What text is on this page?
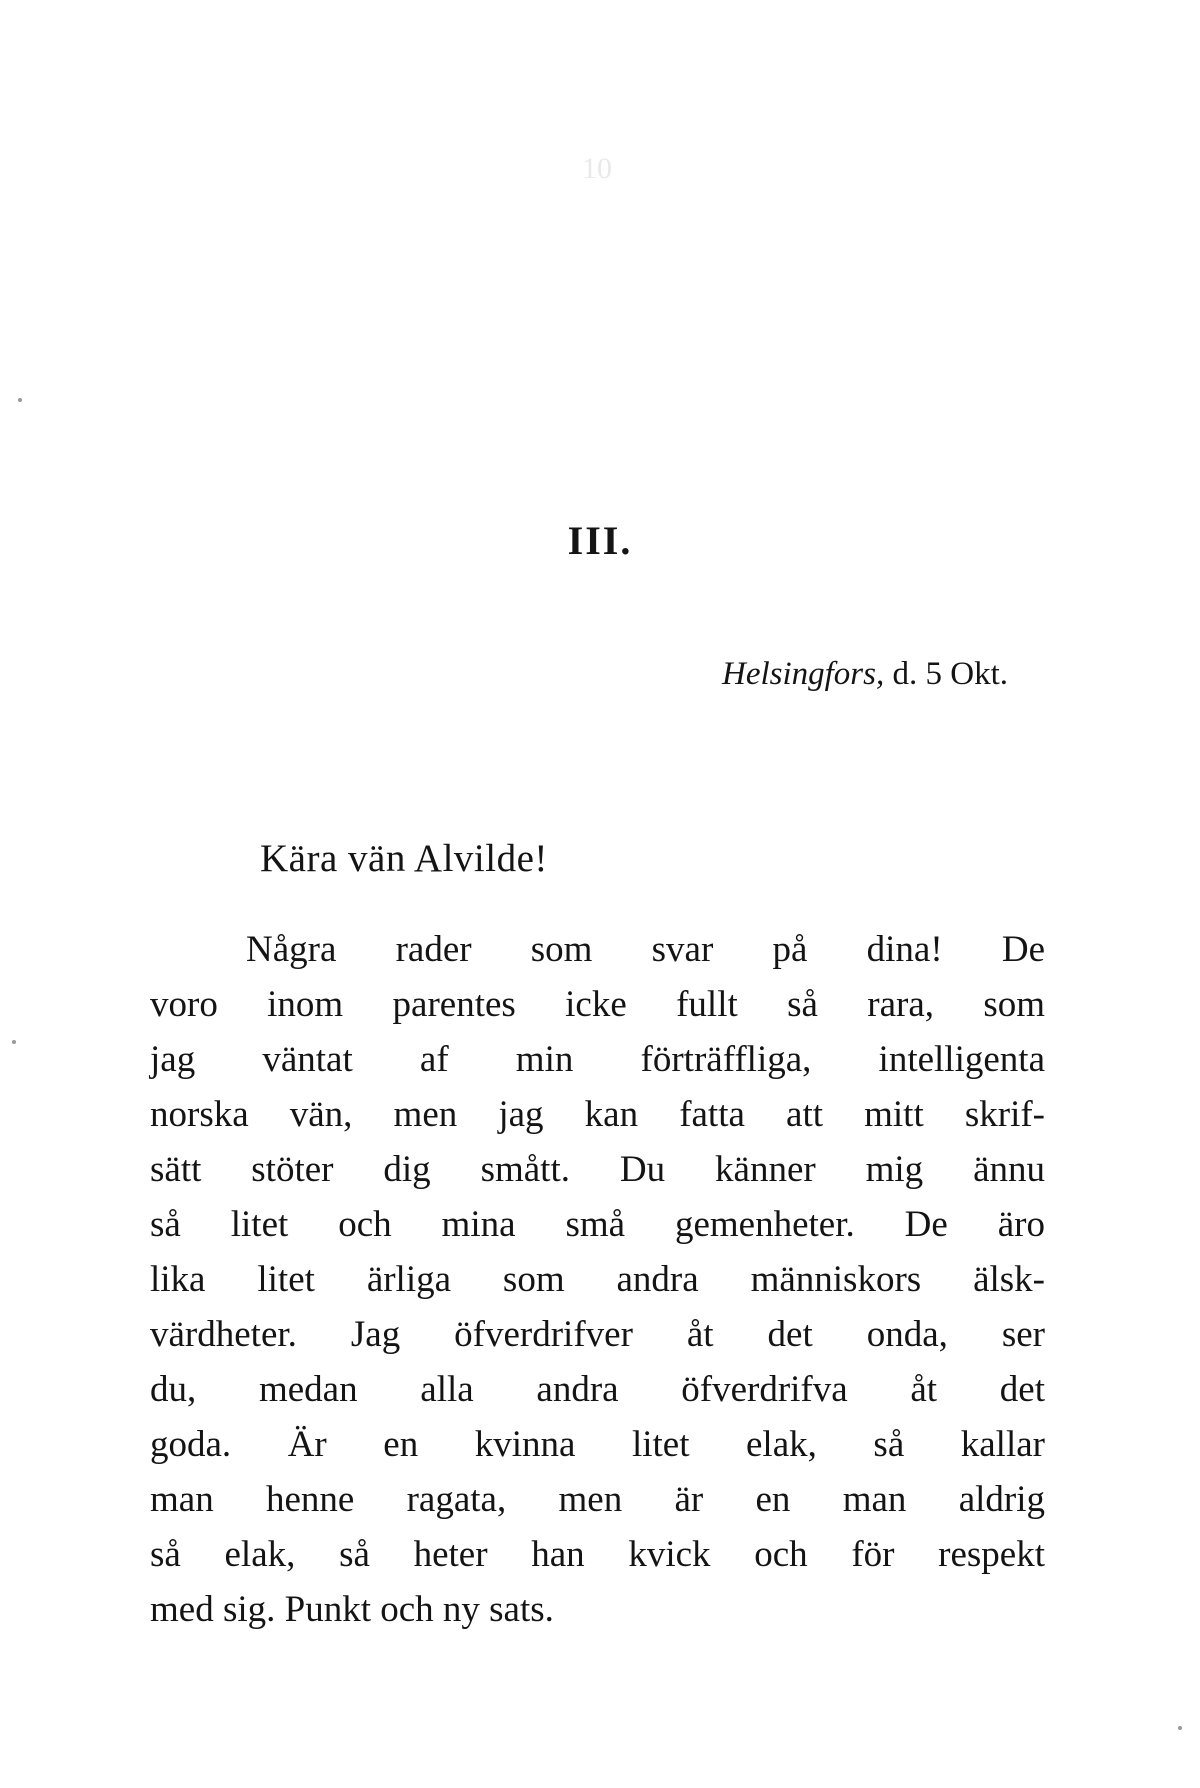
10
III.
Helsingfors, d. 5 Okt.
Kära vän Alvilde!
Några rader som svar på dina! De
voro inom parentes icke fullt så rara, som
jag väntat af min förträffliga, intelligenta
norska vän, men jag kan fatta att mitt skrif-
sätt stöter dig smått. Du känner mig ännu
så litet och mina små gemenheter. De äro
lika litet ärliga som andra människors älsk-
värdheter. Jag öfverdrifver åt det onda, ser
du, medan alla andra öfverdrifva åt det
goda. Är en kvinna litet elak, så kallar
man henne ragata, men är en man aldrig
så elak, så heter han kvick och för respekt
med sig. Punkt och ny sats.
